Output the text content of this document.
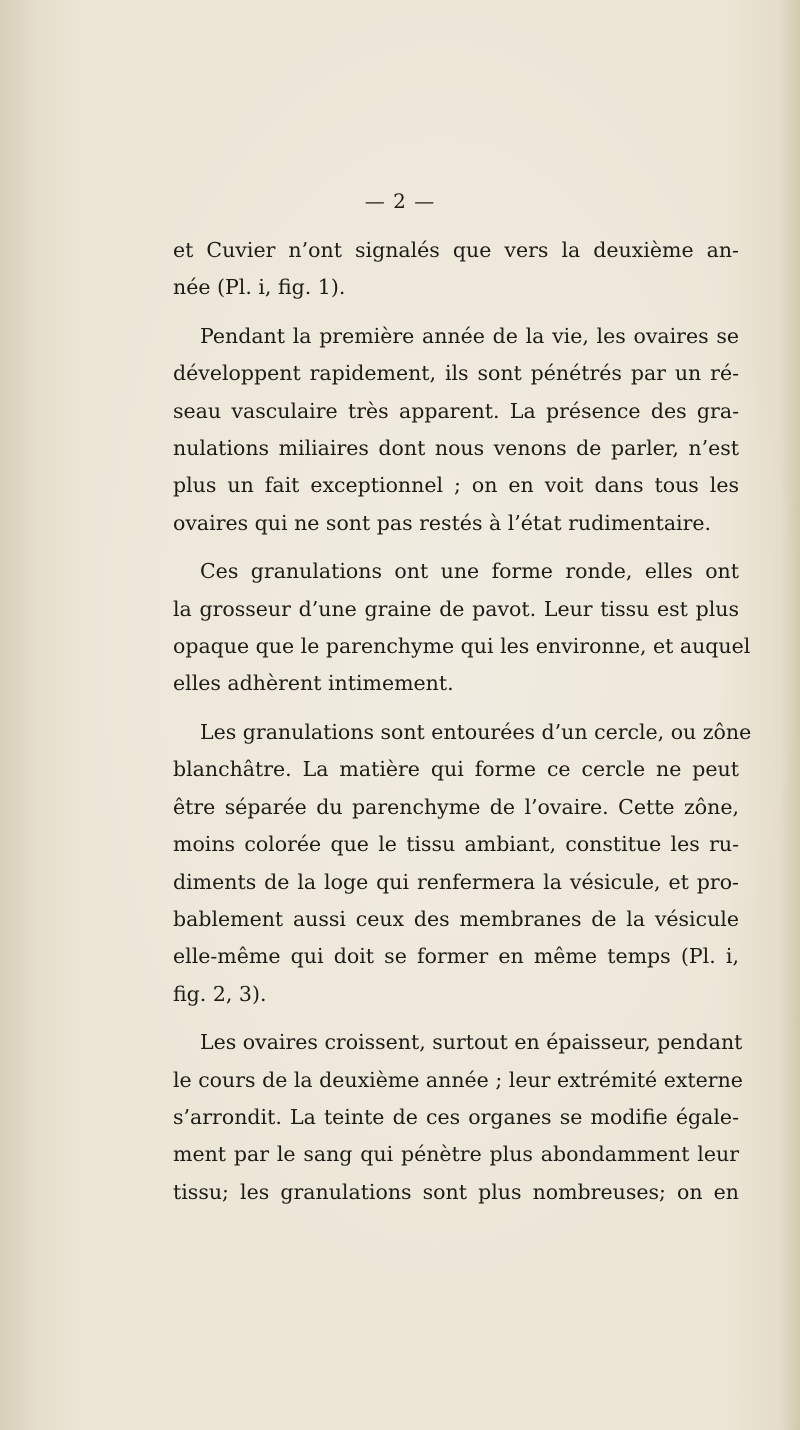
— 2 —

et Cuvier n’ont signalés que vers la deuxième an-
née (Pl. i, fig. 1).

Pendant la première année de la vie, les ovaires se
développent rapidement, ils sont pénétrés par un ré-
seau vasculaire très apparent. La présence des gra-
nulations miliaires dont nous venons de parler, n’est
plus un fait exceptionnel ; on en voit dans tous les
ovaires qui ne sont pas restés à l’état rudimentaire.

Ces granulations ont une forme ronde, elles ont
la grosseur d’une graine de pavot. Leur tissu est plus
opaque que le parenchyme qui les environne, et auquel
elles adhèrent intimement.

Les granulations sont entourées d’un cercle, ou zône
blanchâtre. La matière qui forme ce cercle ne peut
être séparée du parenchyme de l’ovaire. Cette zône,
moins colorée que le tissu ambiant, constitue les ru-
diments de la loge qui renfermera la vésicule, et pro-
bablement aussi ceux des membranes de la vésicule
elle-même qui doit se former en même temps (Pl. i,
fig. 2, 3).

Les ovaires croissent, surtout en épaisseur, pendant
le cours de la deuxième année ; leur extrémité externe
s’arrondit. La teinte de ces organes se modifie égale-
ment par le sang qui pénètre plus abondamment leur
tissu; les granulations sont plus nombreuses; on en
